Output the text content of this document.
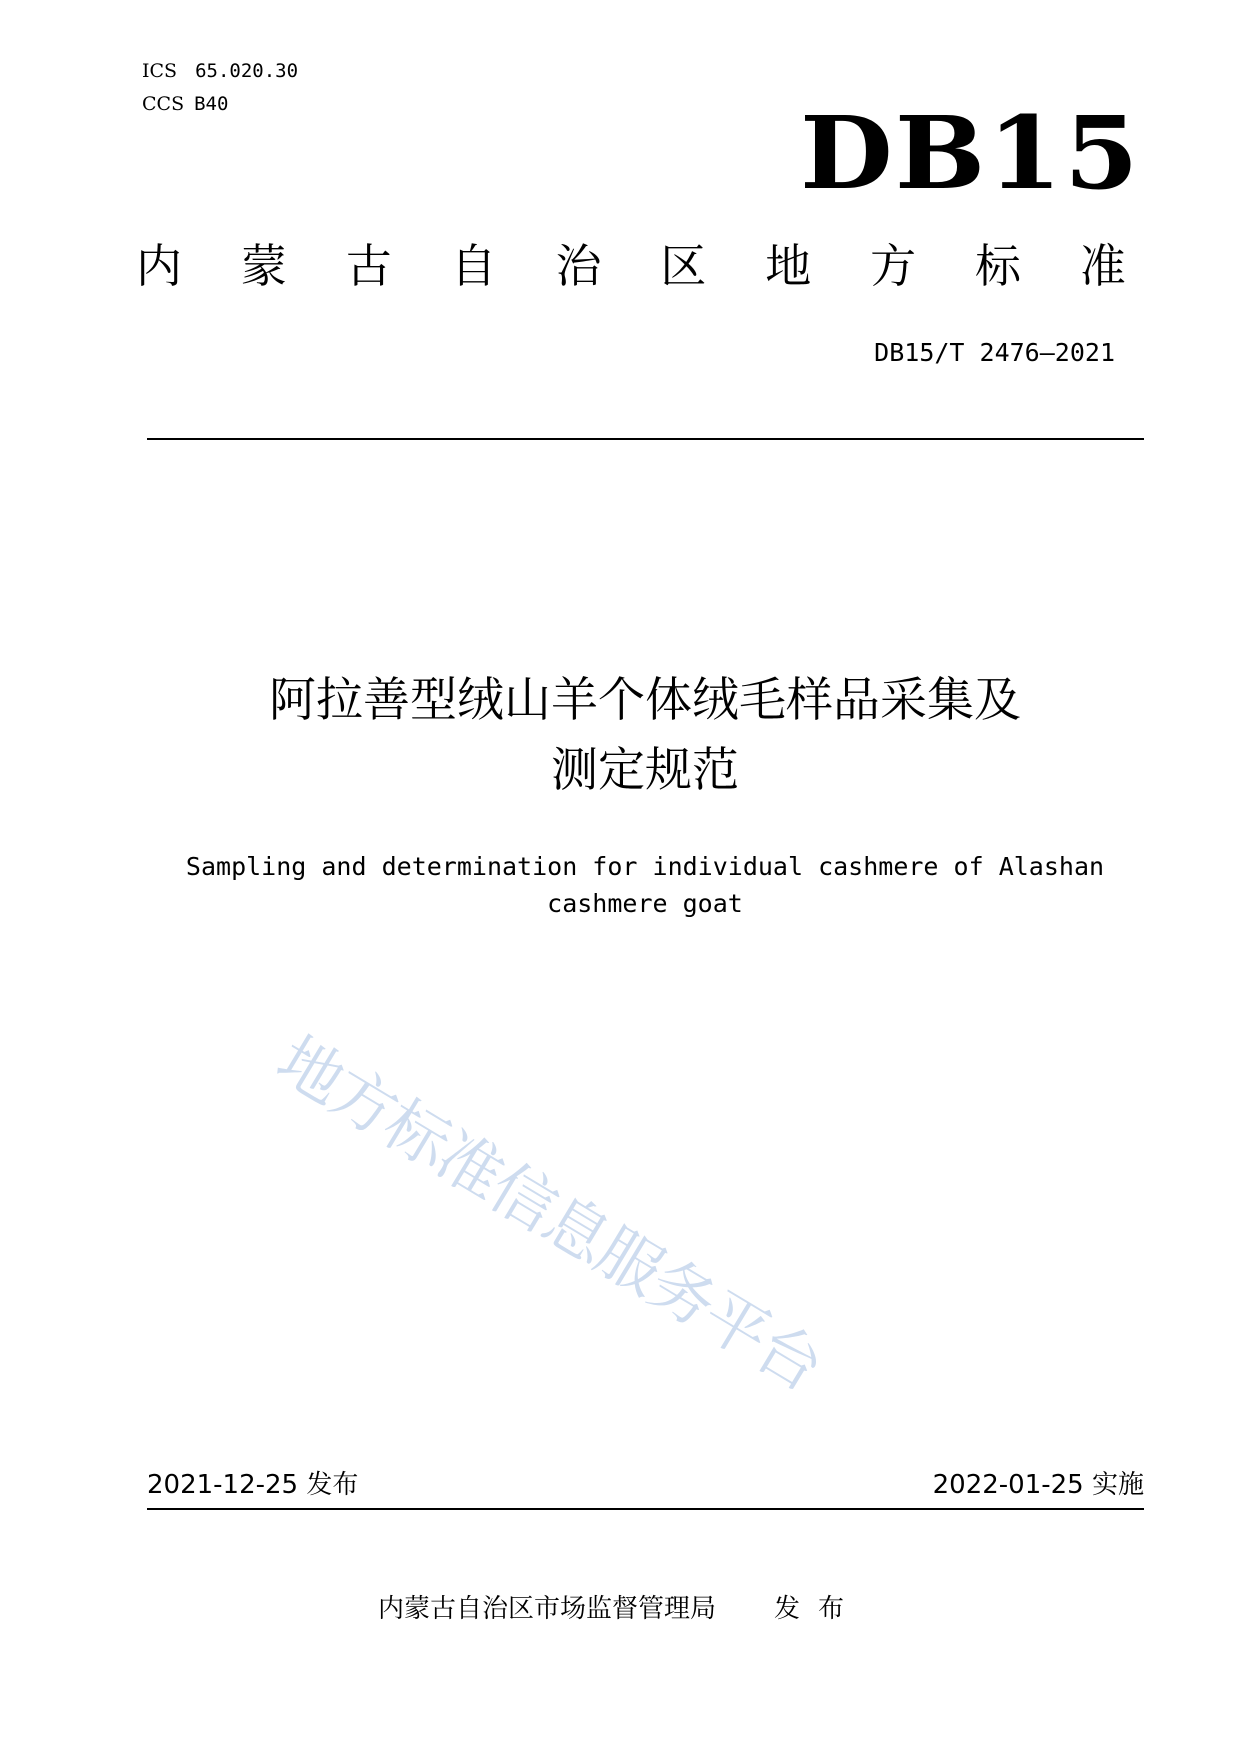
ICS 65.020.30
CCS B40	DB15
内 蒙 古 自 治 区 地 方 标 准
DB15/T 2476—2021
阿拉善型绒山羊个体绒毛样品采集及
测定规范
Sampling and determination for individual cashmere of Alashan
cashmere goat
地方标准信息服务平台
2021-12-25 发布	2022-01-25 实施
内蒙古自治区市场监督管理局 发布
